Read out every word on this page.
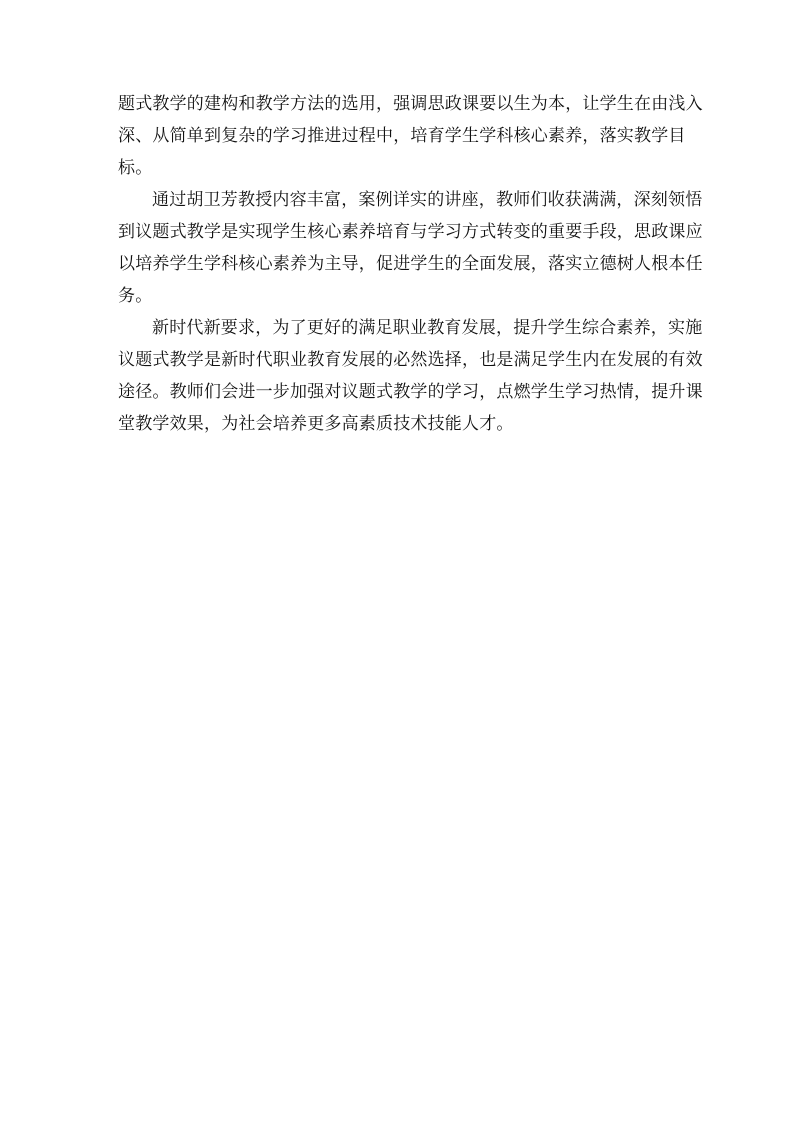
题式教学的建构和教学方法的选用，强调思政课要以生为本，让学生在由浅入
深、从简单到复杂的学习推进过程中，培育学生学科核心素养，落实教学目
标。
通过胡卫芳教授内容丰富，案例详实的讲座，教师们收获满满，深刻领悟
到议题式教学是实现学生核心素养培育与学习方式转变的重要手段，思政课应
以培养学生学科核心素养为主导，促进学生的全面发展，落实立德树人根本任
务。
新时代新要求，为了更好的满足职业教育发展，提升学生综合素养，实施
议题式教学是新时代职业教育发展的必然选择，也是满足学生内在发展的有效
途径。教师们会进一步加强对议题式教学的学习，点燃学生学习热情，提升课
堂教学效果，为社会培养更多高素质技术技能人才。
